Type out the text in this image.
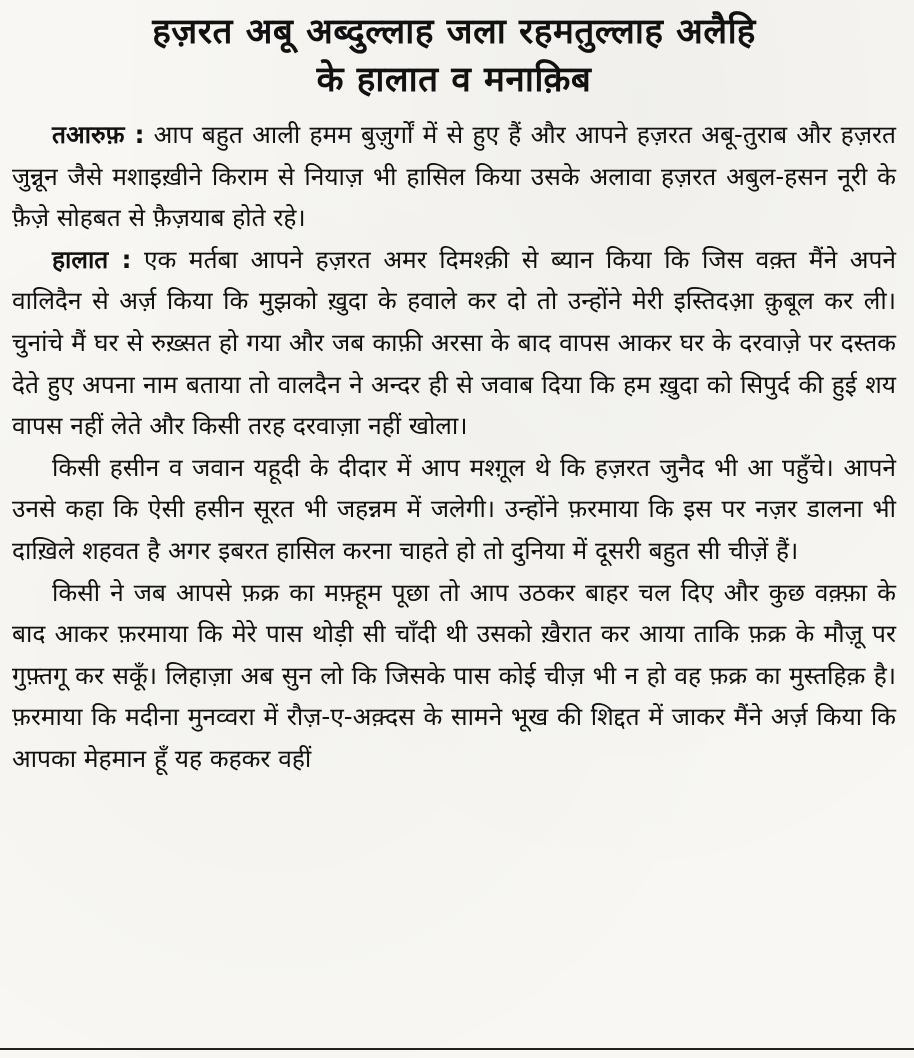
हज़रत अबू अब्दुल्लाह जला रहमतुल्लाह अलैहि
के हालात व मनाक़िब

तआरुफ़ : आप बहुत आली हमम बुज़ुर्गों में से हुए हैं और आपने हज़रत अबू-तुराब और हज़रत जुन्नून जैसे मशाइख़ीने किराम से नियाज़ भी हासिल किया उसके अलावा हज़रत अबुल-हसन नूरी के फ़ैज़े सोहबत से फ़ैज़याब होते रहे।

हालात : एक मर्तबा आपने हज़रत अमर दिमश्क़ी से ब्यान किया कि जिस वक़्त मैंने अपने वालिदैन से अर्ज़ किया कि मुझको ख़ुदा के हवाले कर दो तो उन्होंने मेरी इस्तिदआ़ क़ुबूल कर ली। चुनांचे मैं घर से रुख़्सत हो गया और जब काफ़ी अरसा के बाद वापस आकर घर के दरवाज़े पर दस्तक देते हुए अपना नाम बताया तो वालदैन ने अन्दर ही से जवाब दिया कि हम ख़ुदा को सिपुर्द की हुई शय वापस नहीं लेते और किसी तरह दरवाज़ा नहीं खोला।

किसी हसीन व जवान यहूदी के दीदार में आप मश्ग़ूल थे कि हज़रत जुनैद भी आ पहुँचे। आपने उनसे कहा कि ऐसी हसीन सूरत भी जहन्नम में जलेगी। उन्होंने फ़रमाया कि इस पर नज़र डालना भी दाख़िले शहवत है अगर इबरत हासिल करना चाहते हो तो दुनिया में दूसरी बहुत सी चीज़ें हैं।

किसी ने जब आपसे फ़क्र का मफ़्हूम पूछा तो आप उठकर बाहर चल दिए और कुछ वक़्फ़ा के बाद आकर फ़रमाया कि मेरे पास थोड़ी सी चाँदी थी उसको ख़ैरात कर आया ताकि फ़क्र के मौज़ू पर गुफ़्तगू कर सकूँ। लिहाज़ा अब सुन लो कि जिसके पास कोई चीज़ भी न हो वह फ़क्र का मुस्तहिक़ है। फ़रमाया कि मदीना मुनव्वरा में रौज़-ए-अक़्दस के सामने भूख की शिद्दत में जाकर मैंने अर्ज़ किया कि आपका मेहमान हूँ यह कहकर वहीं
